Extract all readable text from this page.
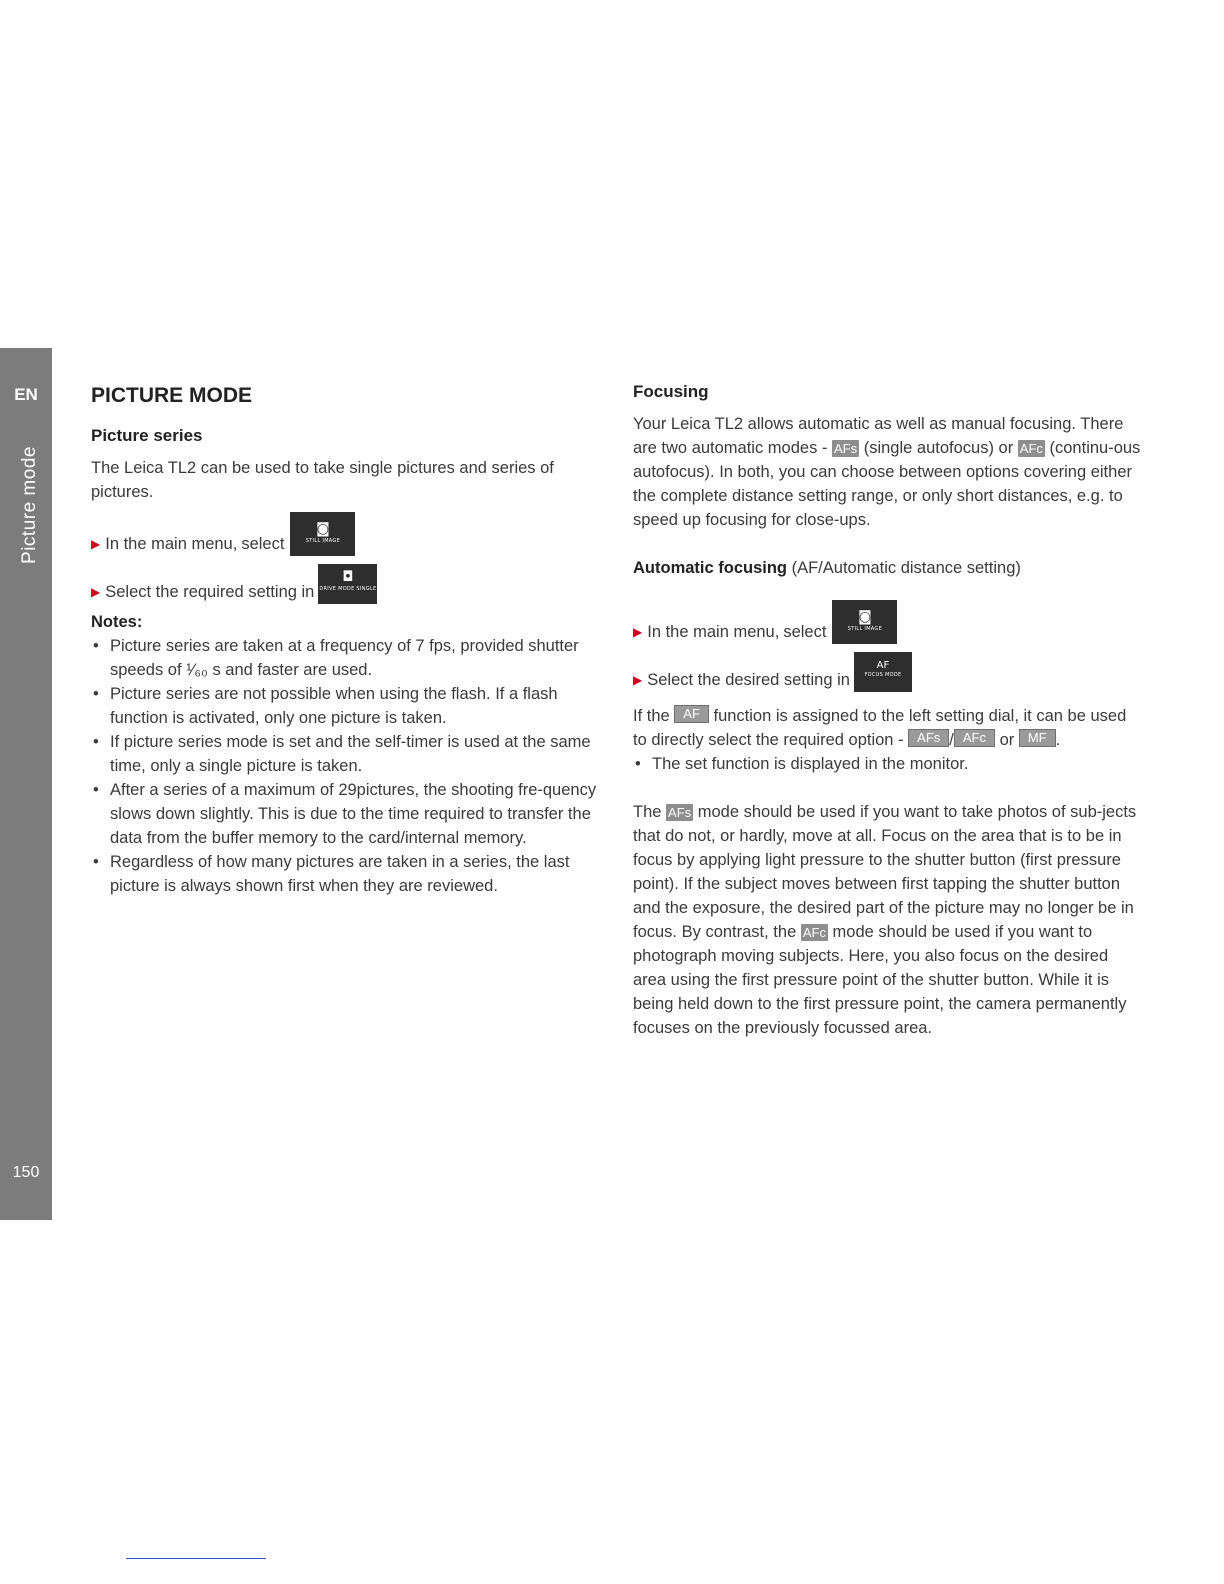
EN
Picture mode
150
PICTURE MODE
Picture series

The Leica TL2 can be used to take single pictures and series of pictures.

▶ In the main menu, select
◙
STILL IMAGE
▶ Select the required setting in
◘
DRIVE MODE SINGLE
Notes:
• Picture series are taken at a frequency of 7 fps, provided shutter speeds of ¹⁄₆₀ s and faster are used.
• Picture series are not possible when using the flash. If a flash function is activated, only one picture is taken.
• If picture series mode is set and the self-timer is used at the same time, only a single picture is taken.
• After a series of a maximum of 29pictures, the shooting fre-quency slows down slightly. This is due to the time required to transfer the data from the buffer memory to the card/internal memory.
• Regardless of how many pictures are taken in a series, the last picture is always shown first when they are reviewed.
Focusing

Your Leica TL2 allows automatic as well as manual focusing. There are two automatic modes - AFs (single autofocus) or AFc (continu-ous autofocus). In both, you can choose between options covering either the complete distance setting range, or only short distances, e.g. to speed up focusing for close-ups.

Automatic focusing (AF/Automatic distance setting)

▶ In the main menu, select
◙
STILL IMAGE
▶ Select the desired setting in
AF
FOCUS MODE

If the AF function is assigned to the left setting dial, it can be used to directly select the required option - AFs / AFc or MF .

• The set function is displayed in the monitor.

The AFs mode should be used if you want to take photos of sub-jects that do not, or hardly, move at all. Focus on the area that is to be in focus by applying light pressure to the shutter button (first pressure point). If the subject moves between first tapping the shutter button and the exposure, the desired part of the picture may no longer be in focus. By contrast, the AFc mode should be used if you want to photograph moving subjects. Here, you also focus on the desired area using the first pressure point of the shutter button. While it is being held down to the first pressure point, the camera permanently focuses on the previously focussed area.
